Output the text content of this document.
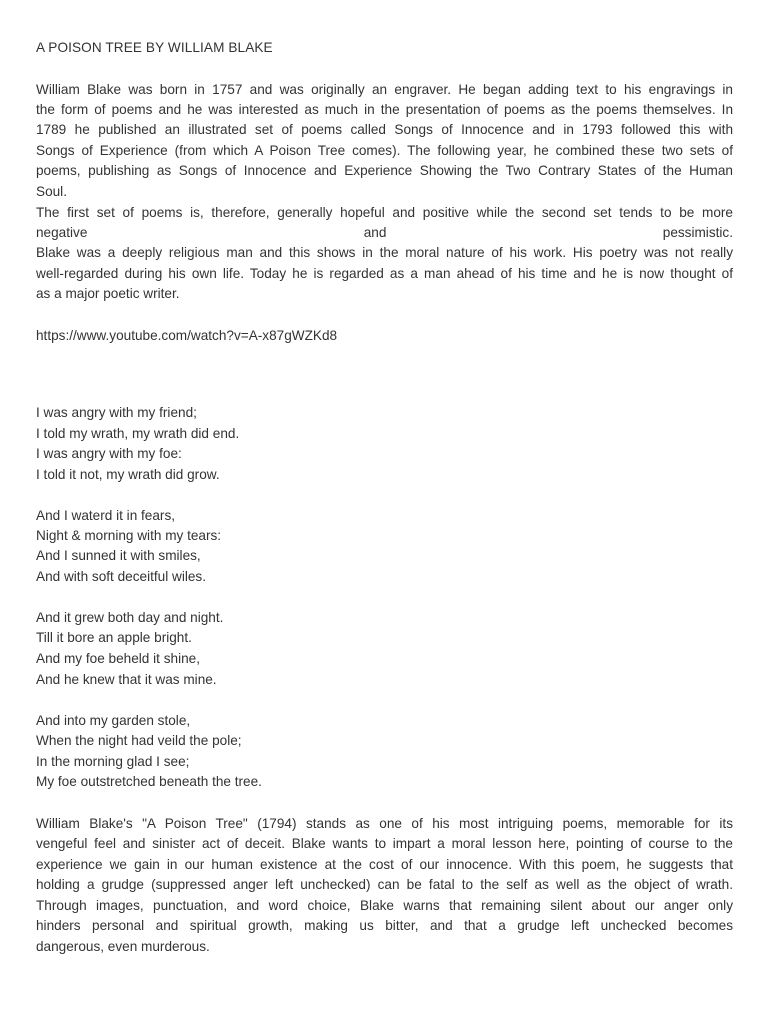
A POISON TREE BY WILLIAM BLAKE
William Blake was born in 1757 and was originally an engraver. He began adding text to his engravings in
the form of poems and he was interested as much in the presentation of poems as the poems themselves. In
1789 he published an illustrated set of poems called Songs of Innocence and in 1793 followed this with
Songs of Experience (from which A Poison Tree comes). The following year, he combined these two sets of
poems, publishing as Songs of Innocence and Experience Showing the Two Contrary States of the Human
Soul.
The first set of poems is, therefore, generally hopeful and positive while the second set tends to be more
negative and pessimistic.
Blake was a deeply religious man and this shows in the moral nature of his work. His poetry was not really
well-regarded during his own life. Today he is regarded as a man ahead of his time and he is now thought of
as a major poetic writer.
https://www.youtube.com/watch?v=A-x87gWZKd8
I was angry with my friend;
I told my wrath, my wrath did end.
I was angry with my foe:
I told it not, my wrath did grow.
And I waterd it in fears,
Night & morning with my tears:
And I sunned it with smiles,
And with soft deceitful wiles.
And it grew both day and night.
Till it bore an apple bright.
And my foe beheld it shine,
And he knew that it was mine.
And into my garden stole,
When the night had veild the pole;
In the morning glad I see;
My foe outstretched beneath the tree.
William Blake's "A Poison Tree" (1794) stands as one of his most intriguing poems, memorable for its
vengeful feel and sinister act of deceit. Blake wants to impart a moral lesson here, pointing of course to the
experience we gain in our human existence at the cost of our innocence. With this poem, he suggests that
holding a grudge (suppressed anger left unchecked) can be fatal to the self as well as the object of wrath.
Through images, punctuation, and word choice, Blake warns that remaining silent about our anger only
hinders personal and spiritual growth, making us bitter, and that a grudge left unchecked becomes
dangerous, even murderous.
